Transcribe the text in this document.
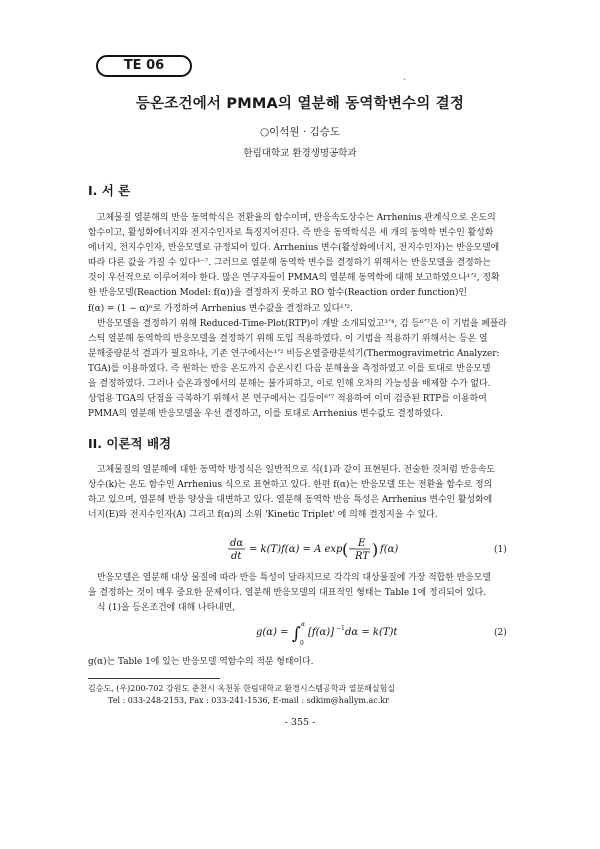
TE 06
ˋ
등온조건에서 PMMA의 열분해 동역학변수의 결정
○이석원 · 김승도
한림대학교 환경생명공학과
I. 서 론

고체물질 열분해의 반응 동역학식은 전환율의 함수이며, 반응속도상수는 Arrhenius 관계식으로 온도의

함수이고, 활성화에너지와 전지수인자로 특징지어진다. 즉 반응 동역학식은 세 개의 동역학 변수인 활성화

에너지, 전지수인자, 반응모델로 규정되어 있다. Arrhenius 변수(활성화에너지, 전지수인자)는 반응모델에

따라 다른 값을 가질 수 있다³⁻⁷. 그러므로 열분해 동역학 변수를 결정하기 위해서는 반응모델을 결정하는

것이 우선적으로 이루어져야 한다. 많은 연구자들이 PMMA의 열분해 동역학에 대해 보고하였으나¹ʼ², 정확

한 반응모델(Reaction Model: f(α))을 결정하지 못하고 RO 함수(Reaction order function)인

f(α) = (1 − α)ⁿ로 가정하여 Arrhenius 변수값을 결정하고 있다¹ʼ².

반응모델을 결정하기 위해 Reduced-Time-Plot(RTP)이 개발 소개되었고³ʼ⁴, 김 등⁶ʼ⁷은 이 기법을 폐플라

스틱 열분해 동역학의 반응모델을 결정하기 위해 도입 적용하였다. 이 기법을 적용하기 위해서는 등온 열

분해중량분석 결과가 필요하나, 기존 연구에서는¹ʼ² 비등온열중량분석기(Thermogravimetric Analyzer:

TGA)를 이용하였다. 즉 원하는 반응 온도까지 승온시킨 다음 분해율을 측정하였고 이를 토대로 반응모델

을 결정하였다. 그러나 승온과정에서의 분해는 불가피하고, 이로 인해 오차의 가능성을 배제할 수가 없다.

상업용 TGA의 단점을 극복하기 위해서 본 연구에서는 김등이⁶ʼ⁷ 적용하여 이미 검증된 RTP를 이용하여

PMMA의 열분해 반응모델을 우선 결정하고, 이를 토대로 Arrhenius 변수값도 결정하였다.

II. 이론적 배경

고체물질의 열분해에 대한 동역학 방정식은 일반적으로 식(1)과 같이 표현된다. 전술한 것처럼 반응속도

상수(k)는 온도 함수인 Arrhenius 식으로 표현하고 있다. 한편 f(α)는 반응모델 또는 전환율 함수로 정의

하고 있으며, 열분해 반응 양상을 대변하고 있다. 열분해 동역학 반응 특성은 Arrhenius 변수인 활성화에

너지(E)와 전지수인자(A) 그리고 f(α)의 소위 'Kinetic Triplet' 에 의해 결정지을 수 있다.

dα
dt
= k(T)f(α) = A exp ( −
E
RT ) f(α)	(1)

반응모델은 열분해 대상 물질에 따라 반응 특성이 달라지므로 각각의 대상물질에 가장 적합한 반응모델

을 결정하는 것이 매우 중요한 문제이다. 열분해 반응모델의 대표적인 형태는 Table 1에 정리되어 있다.

식 (1)을 등온조건에 대해 나타내면,

g(α) = ∫ α
0
[f(α)] −1 dα = k(T)t	(2)

g(α)는 Table 1에 있는 반응모델 역함수의 적분 형태이다.

김승도, (우)200-702 강원도 춘천시 옥천동 한림대학교 환경시스템공학과 열분해실험실
Tel : 033-248-2153, Fax : 033-241-1536, E-mail : sdkim@hallym.ac.kr
- 355 -
